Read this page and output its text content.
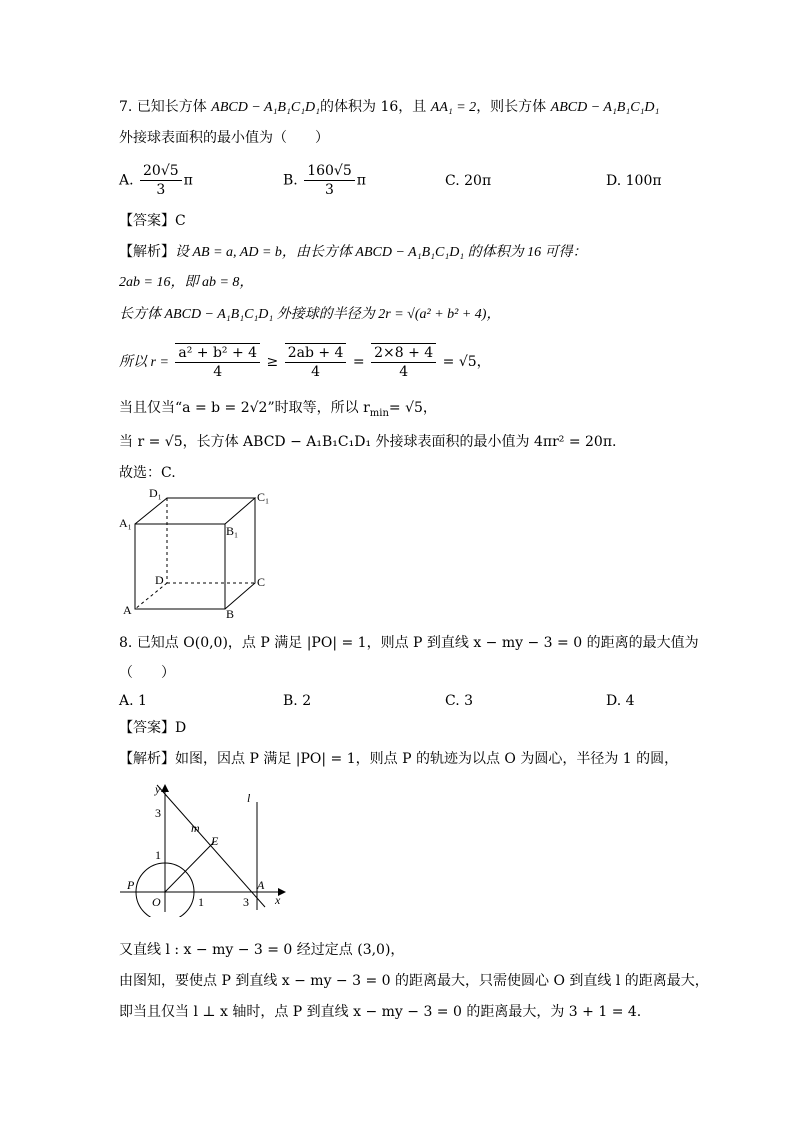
7. 已知长方体 ABCD − A₁B₁C₁D₁的体积为 16，且 AA₁ = 2，则长方体 ABCD − A₁B₁C₁D₁
外接球表面积的最小值为（　　）
A. $\frac{20√5}{3}$ π	B. $\frac{160√5}{3}$ π	C. 20π	D. 100π
【答案】C
【解析】设 AB = a, AD = b，由长方体 ABCD − A₁B₁C₁D₁ 的体积为 16 可得：
2ab = 16，即 ab = 8，
长方体 ABCD − A₁B₁C₁D₁ 外接球的半径为 2r = √(a² + b² + 4)，
所以 $r = \frac{\text{a² + b² + 4}}{4} \ge \frac{2ab + 4}{4} = \frac{2\times 8 + 4}{4} = √5$，
当且仅当“a = b = 2√2”时取等，所以 $r_{min}= √5$，
当 r = √5，长方体 ABCD − A₁B₁C₁D₁ 外接球表面积的最小值为 4πr² = 20π.
故选：C.
D₁	C₁
A₁
B₁
D	C
A	B
8. 已知点 O(0,0)，点 P 满足 |PO| = 1，则点 P 到直线 x − my − 3 = 0 的距离的最大值为
（　　）
A. 1	B. 2	C. 3	D. 4
【答案】D
【解析】如图，因点 P 满足 |PO| = 1，则点 P 的轨迹为以点 O 为圆心，半径为 1 的圆，
y
3
m
l
E
1
P	A
O	1	3 x
又直线 l : x − my − 3 = 0 经过定点 (3,0)，
由图知，要使点 P 到直线 x − my − 3 = 0 的距离最大，只需使圆心 O 到直线 l 的距离最大，
即当且仅当 l ⊥ x 轴时，点 P 到直线 x − my − 3 = 0 的距离最大，为 3 + 1 = 4.
